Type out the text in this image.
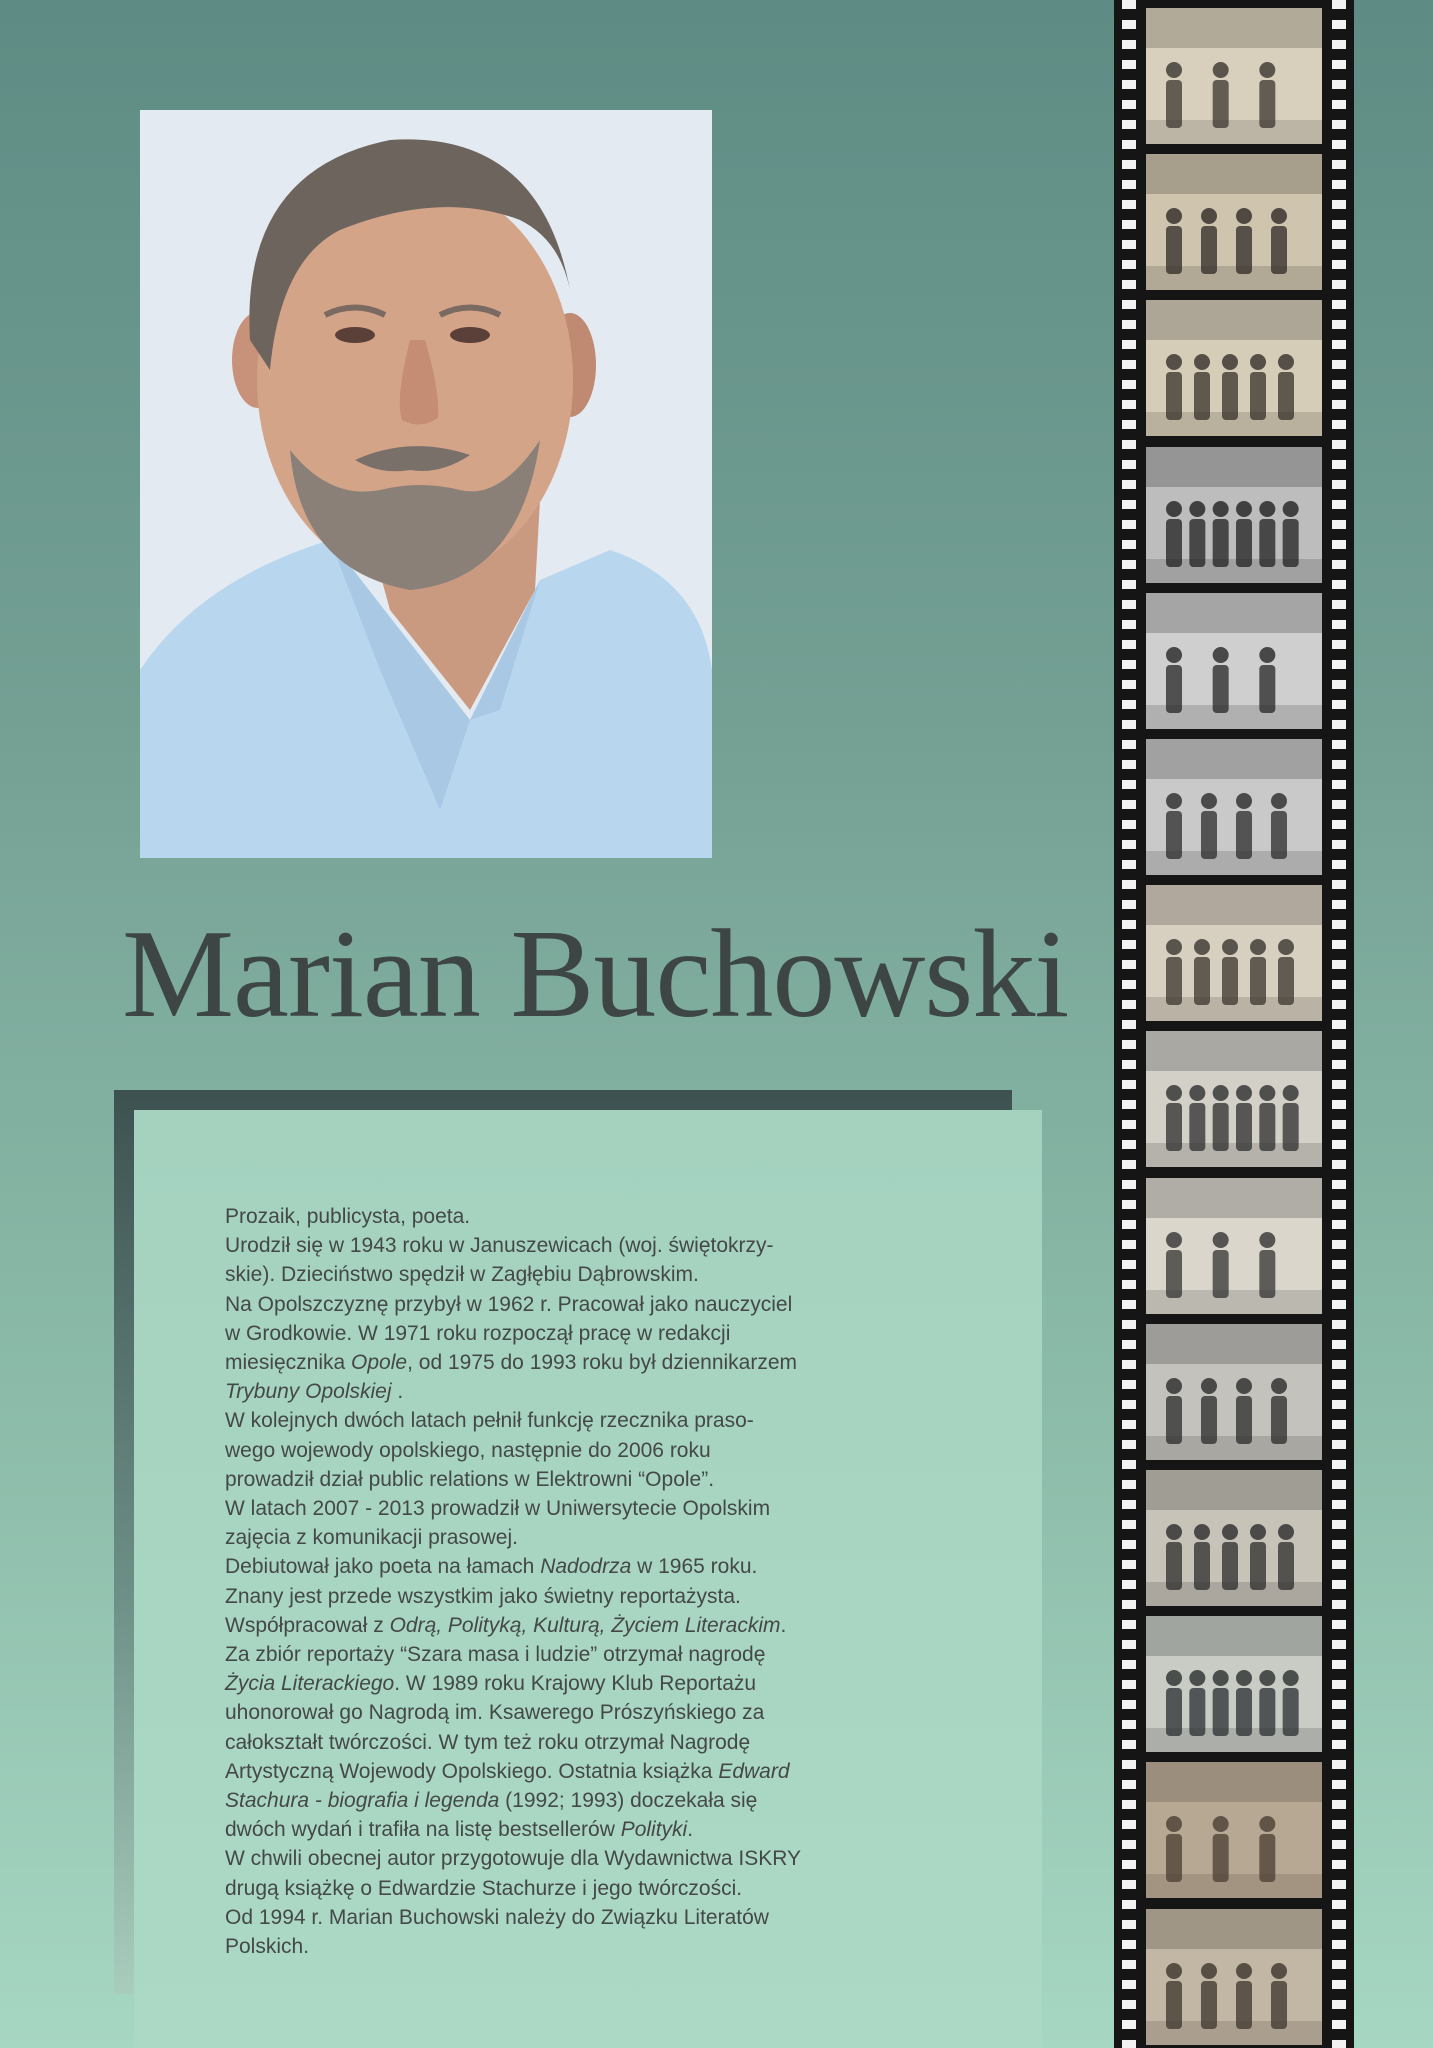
Marian Buchowski
Prozaik, publicysta, poeta.
Urodził się w 1943 roku w Januszewicach (woj. świętokrzy-
skie). Dzieciństwo spędził w Zagłębiu Dąbrowskim.
Na Opolszczyznę przybył w 1962 r. Pracował jako nauczyciel
w Grodkowie. W 1971 roku rozpoczął pracę w redakcji
miesięcznika Opole, od 1975 do 1993 roku był dziennikarzem
Trybuny Opolskiej .
W kolejnych dwóch latach pełnił funkcję rzecznika praso-
wego wojewody opolskiego, następnie do 2006 roku
prowadził dział public relations w Elektrowni “Opole”.
W latach 2007 - 2013 prowadził w Uniwersytecie Opolskim
zajęcia z komunikacji prasowej.
Debiutował jako poeta na łamach Nadodrza w 1965 roku.
Znany jest przede wszystkim jako świetny reportażysta.
Współpracował z Odrą, Polityką, Kulturą, Życiem Literackim.
Za zbiór reportaży “Szara masa i ludzie” otrzymał nagrodę
Życia Literackiego. W 1989 roku Krajowy Klub Reportażu
uhonorował go Nagrodą im. Ksawerego Prószyńskiego za
całokształt twórczości. W tym też roku otrzymał Nagrodę
Artystyczną Wojewody Opolskiego. Ostatnia książka Edward
Stachura - biografia i legenda (1992; 1993) doczekała się
dwóch wydań i trafiła na listę bestsellerów Polityki.
W chwili obecnej autor przygotowuje dla Wydawnictwa ISKRY
drugą książkę o Edwardzie Stachurze i jego twórczości.
Od 1994 r. Marian Buchowski należy do Związku Literatów
Polskich.
